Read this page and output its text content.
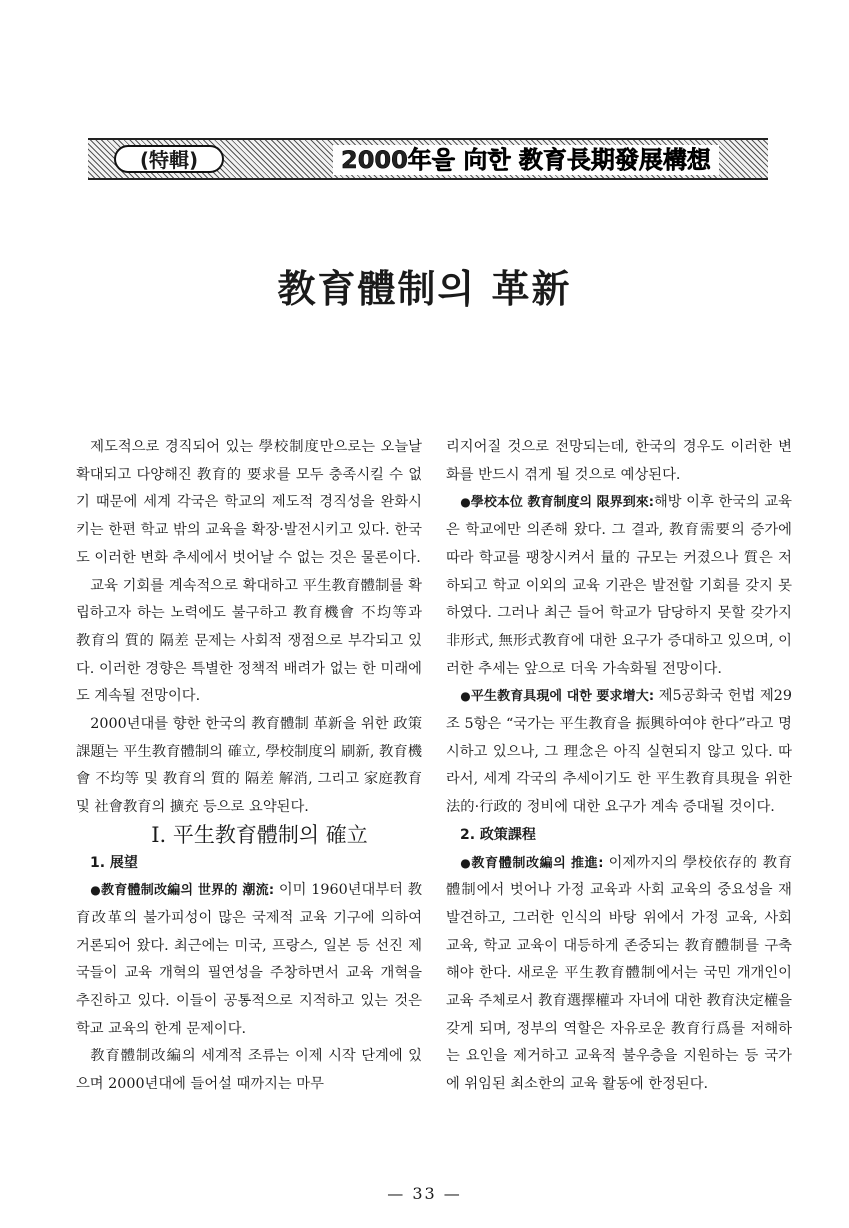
(特輯)	2000年을 向한 教育長期發展構想
教育體制의 革新

제도적으로 경직되어 있는 學校制度만으로는 오늘날 확대되고 다양해진 教育的 要求를 모두 충족시킬 수 없기 때문에 세계 각국은 학교의 제도적 경직성을 완화시키는 한편 학교 밖의 교육을 확장·발전시키고 있다. 한국도 이러한 변화 추세에서 벗어날 수 없는 것은 물론이다.

교육 기회를 계속적으로 확대하고 平生教育體制를 확립하고자 하는 노력에도 불구하고 教育機會 不均等과 教育의 質的 隔差 문제는 사회적 쟁점으로 부각되고 있다. 이러한 경향은 특별한 정책적 배려가 없는 한 미래에도 계속될 전망이다.

2000년대를 향한 한국의 教育體制 革新을 위한 政策課題는 平生教育體制의 確立, 學校制度의 刷新, 教育機會 不均等 및 教育의 質的 隔差 解消, 그리고 家庭教育 및 社會教育의 擴充 등으로 요약된다.

Ⅰ. 平生教育體制의 確立

1. 展望

●教育體制改編의 世界的 潮流: 이미 1960년대부터 教育改革의 불가피성이 많은 국제적 교육 기구에 의하여 거론되어 왔다. 최근에는 미국, 프랑스, 일본 등 선진 제국들이 교육 개혁의 필연성을 주창하면서 교육 개혁을 추진하고 있다. 이들이 공통적으로 지적하고 있는 것은 학교 교육의 한계 문제이다.

教育體制改編의 세계적 조류는 이제 시작 단계에 있으며 2000년대에 들어설 때까지는 마무

리지어질 것으로 전망되는데, 한국의 경우도 이러한 변화를 반드시 겪게 될 것으로 예상된다.

●學校本位 教育制度의 限界到來:해방 이후 한국의 교육은 학교에만 의존해 왔다. 그 결과, 教育需要의 증가에 따라 학교를 팽창시켜서 量的 규모는 커졌으나 質은 저하되고 학교 이외의 교육 기관은 발전할 기회를 갖지 못하였다. 그러나 최근 들어 학교가 담당하지 못할 갖가지 非形式, 無形式教育에 대한 요구가 증대하고 있으며, 이러한 추세는 앞으로 더욱 가속화될 전망이다.

●平生教育具現에 대한 要求增大: 제5공화국 헌법 제29조 5항은 “국가는 平生教育을 振興하여야 한다”라고 명시하고 있으나, 그 理念은 아직 실현되지 않고 있다. 따라서, 세계 각국의 추세이기도 한 平生教育具現을 위한 法的·行政的 정비에 대한 요구가 계속 증대될 것이다.

2. 政策課程

●教育體制改編의 推進: 이제까지의 學校依存的 教育體制에서 벗어나 가정 교육과 사회 교육의 중요성을 재발견하고, 그러한 인식의 바탕 위에서 가정 교육, 사회 교육, 학교 교육이 대등하게 존중되는 教育體制를 구축해야 한다. 새로운 平生教育體制에서는 국민 개개인이 교육 주체로서 教育選擇權과 자녀에 대한 教育決定權을 갖게 되며, 정부의 역할은 자유로운 教育行爲를 저해하는 요인을 제거하고 교육적 불우층을 지원하는 등 국가에 위임된 최소한의 교육 활동에 한정된다.

— 33 —
